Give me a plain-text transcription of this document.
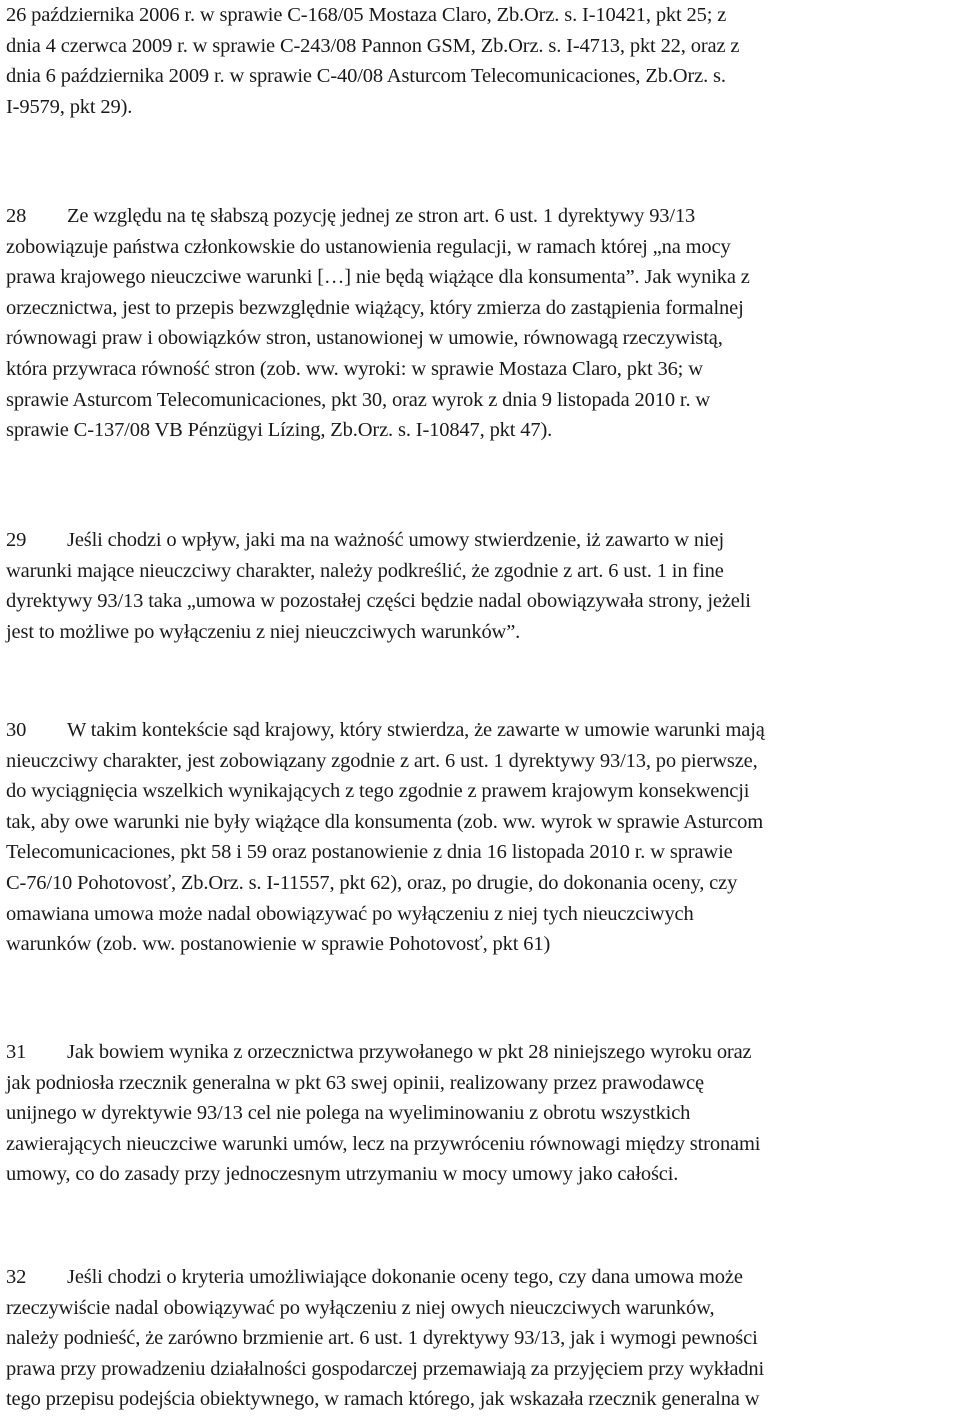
26 października 2006 r. w sprawie C‑168/05 Mostaza Claro, Zb.Orz. s. I‑10421, pkt 25; z
dnia 4 czerwca 2009 r. w sprawie C‑243/08 Pannon GSM, Zb.Orz. s. I‑4713, pkt 22, oraz z
dnia 6 października 2009 r. w sprawie C‑40/08 Asturcom Telecomunicaciones, Zb.Orz. s.
I‑9579, pkt 29).
28 Ze względu na tę słabszą pozycję jednej ze stron art. 6 ust. 1 dyrektywy 93/13
zobowiązuje państwa członkowskie do ustanowienia regulacji, w ramach której „na mocy
prawa krajowego nieuczciwe warunki […] nie będą wiążące dla konsumenta”. Jak wynika z
orzecznictwa, jest to przepis bezwzględnie wiążący, który zmierza do zastąpienia formalnej
równowagi praw i obowiązków stron, ustanowionej w umowie, równowagą rzeczywistą,
która przywraca równość stron (zob. ww. wyroki: w sprawie Mostaza Claro, pkt 36; w
sprawie Asturcom Telecomunicaciones, pkt 30, oraz wyrok z dnia 9 listopada 2010 r. w
sprawie C‑137/08 VB Pénzügyi Lízing, Zb.Orz. s. I‑10847, pkt 47).
29 Jeśli chodzi o wpływ, jaki ma na ważność umowy stwierdzenie, iż zawarto w niej
warunki mające nieuczciwy charakter, należy podkreślić, że zgodnie z art. 6 ust. 1 in fine
dyrektywy 93/13 taka „umowa w pozostałej części będzie nadal obowiązywała strony, jeżeli
jest to możliwe po wyłączeniu z niej nieuczciwych warunków”.
30 W takim kontekście sąd krajowy, który stwierdza, że zawarte w umowie warunki mają
nieuczciwy charakter, jest zobowiązany zgodnie z art. 6 ust. 1 dyrektywy 93/13, po pierwsze,
do wyciągnięcia wszelkich wynikających z tego zgodnie z prawem krajowym konsekwencji
tak, aby owe warunki nie były wiążące dla konsumenta (zob. ww. wyrok w sprawie Asturcom
Telecomunicaciones, pkt 58 i 59 oraz postanowienie z dnia 16 listopada 2010 r. w sprawie
C‑76/10 Pohotovosť, Zb.Orz. s. I‑11557, pkt 62), oraz, po drugie, do dokonania oceny, czy
omawiana umowa może nadal obowiązywać po wyłączeniu z niej tych nieuczciwych
warunków (zob. ww. postanowienie w sprawie Pohotovosť, pkt 61)
31 Jak bowiem wynika z orzecznictwa przywołanego w pkt 28 niniejszego wyroku oraz
jak podniosła rzecznik generalna w pkt 63 swej opinii, realizowany przez prawodawcę
unijnego w dyrektywie 93/13 cel nie polega na wyeliminowaniu z obrotu wszystkich
zawierających nieuczciwe warunki umów, lecz na przywróceniu równowagi między stronami
umowy, co do zasady przy jednoczesnym utrzymaniu w mocy umowy jako całości.
32 Jeśli chodzi o kryteria umożliwiające dokonanie oceny tego, czy dana umowa może
rzeczywiście nadal obowiązywać po wyłączeniu z niej owych nieuczciwych warunków,
należy podnieść, że zarówno brzmienie art. 6 ust. 1 dyrektywy 93/13, jak i wymogi pewności
prawa przy prowadzeniu działalności gospodarczej przemawiają za przyjęciem przy wykładni
tego przepisu podejścia obiektywnego, w ramach którego, jak wskazała rzecznik generalna w
